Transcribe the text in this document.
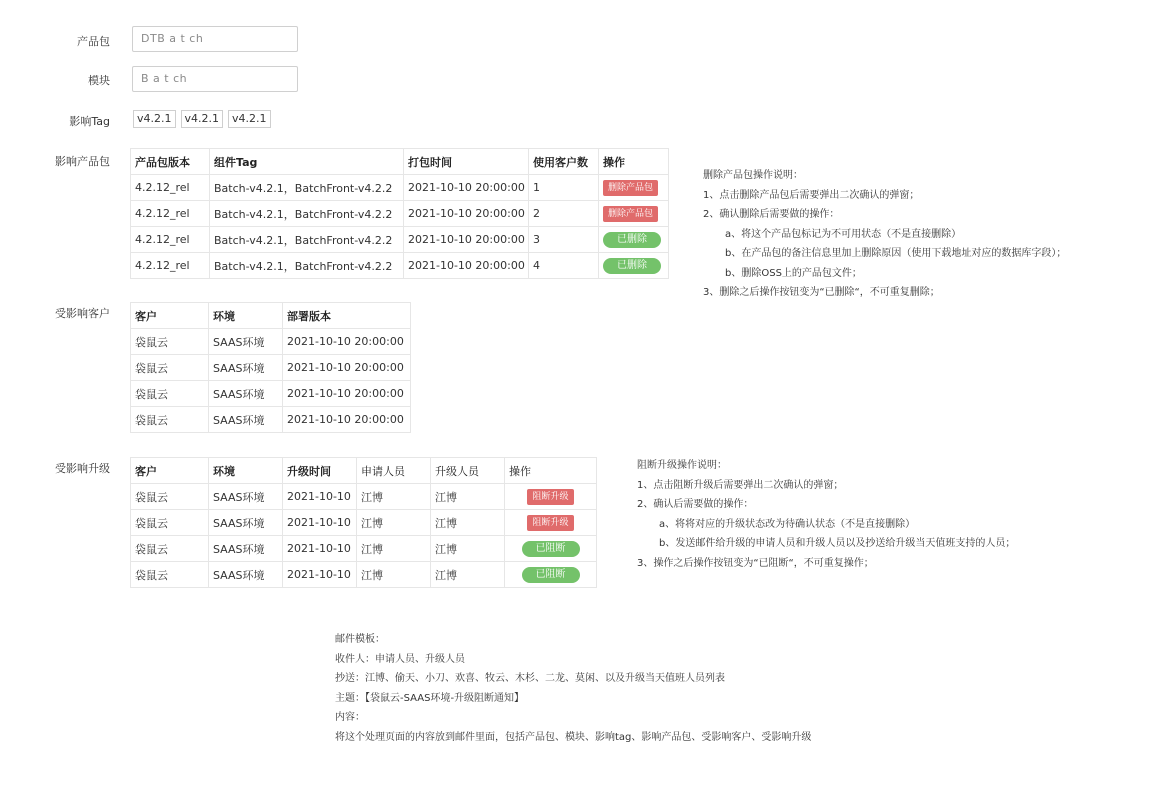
产品包	DTB a t ch
模块	B a t ch
影响Tag	v4.2.1	v4.2.1	v4.2.1
影响产品包 产品包版本	组件Tag	打包时间	使用客户数	操作
4.2.12_rel	Batch-v4.2.1，BatchFront-v4.2.2	2021-10-10 20:00:00	1	删除产品包
4.2.12_rel	Batch-v4.2.1，BatchFront-v4.2.2	2021-10-10 20:00:00	2	删除产品包
4.2.12_rel	Batch-v4.2.1，BatchFront-v4.2.2	2021-10-10 20:00:00	3	已删除
4.2.12_rel	Batch-v4.2.1，BatchFront-v4.2.2	2021-10-10 20:00:00	4	已删除
删除产品包操作说明：
1、点击删除产品包后需要弹出二次确认的弹窗；
2、确认删除后需要做的操作：
a、将这个产品包标记为不可用状态（不是直接删除）
b、在产品包的备注信息里加上删除原因（使用下载地址对应的数据库字段）；
b、删除OSS上的产品包文件；
3、删除之后操作按钮变为“已删除“，不可重复删除；
受影响客户 客户	环境	部署版本
袋鼠云	SAAS环境	2021-10-10 20:00:00
袋鼠云	SAAS环境	2021-10-10 20:00:00
袋鼠云	SAAS环境	2021-10-10 20:00:00
袋鼠云	SAAS环境	2021-10-10 20:00:00
受影响升级 客户	环境	升级时间	申请人员	升级人员	操作
袋鼠云	SAAS环境	2021-10-10	江博	江博	阻断升级
袋鼠云	SAAS环境	2021-10-10	江博	江博	阻断升级
袋鼠云	SAAS环境	2021-10-10	江博	江博	已阻断
袋鼠云	SAAS环境	2021-10-10	江博	江博	已阻断
阻断升级操作说明：
1、点击阻断升级后需要弹出二次确认的弹窗；
2、确认后需要做的操作：
a、将将对应的升级状态改为待确认状态（不是直接删除）
b、发送邮件给升级的申请人员和升级人员以及抄送给升级当天值班支持的人员；
3、操作之后操作按钮变为“已阻断“，不可重复操作；
邮件模板：
收件人：申请人员、升级人员
抄送：江博、偷天、小刀、欢喜、牧云、木杉、二龙、莫闲、以及升级当天值班人员列表
主题：【袋鼠云-SAAS环境-升级阻断通知】
内容：
将这个处理页面的内容放到邮件里面，包括产品包、模块、影响tag、影响产品包、受影响客户、受影响升级
